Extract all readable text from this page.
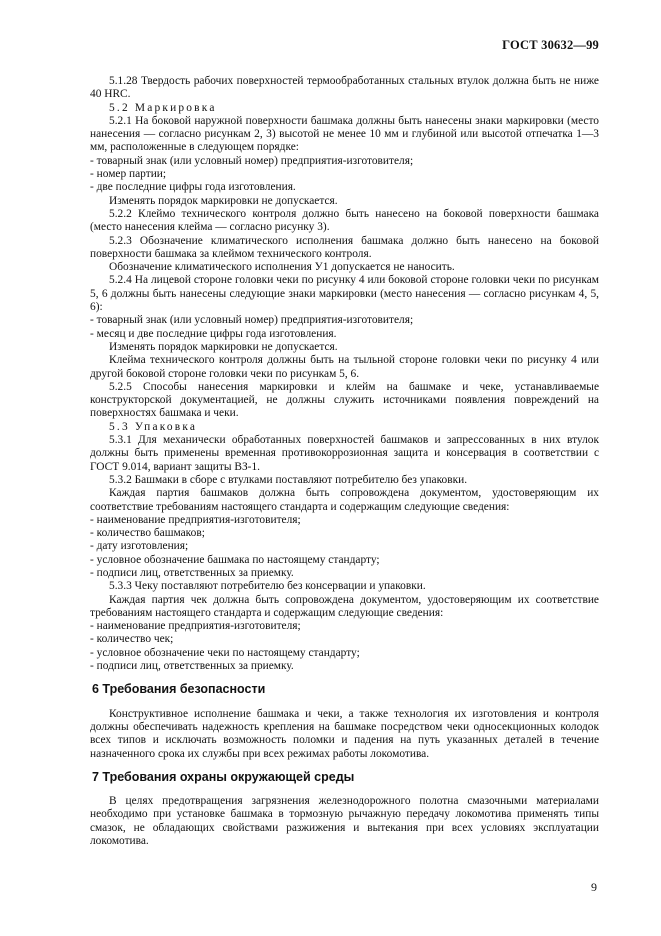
ГОСТ 30632—99
5.1.28 Твердость рабочих поверхностей термообработанных стальных втулок должна быть не ниже 40 HRC.
5.2 Маркировка
5.2.1 На боковой наружной поверхности башмака должны быть нанесены знаки маркировки (место нанесения — согласно рисункам 2, 3) высотой не менее 10 мм и глубиной или высотой отпечатка 1—3 мм, расположенные в следующем порядке:
- товарный знак (или условный номер) предприятия-изготовителя;
- номер партии;
- две последние цифры года изготовления.
Изменять порядок маркировки не допускается.
5.2.2 Клеймо технического контроля должно быть нанесено на боковой поверхности башмака (место нанесения клейма — согласно рисунку 3).
5.2.3 Обозначение климатического исполнения башмака должно быть нанесено на боковой поверхности башмака за клеймом технического контроля.
Обозначение климатического исполнения У1 допускается не наносить.
5.2.4 На лицевой стороне головки чеки по рисунку 4 или боковой стороне головки чеки по рисункам 5, 6 должны быть нанесены следующие знаки маркировки (место нанесения — согласно рисункам 4, 5, 6):
- товарный знак (или условный номер) предприятия-изготовителя;
- месяц и две последние цифры года изготовления.
Изменять порядок маркировки не допускается.
Клейма технического контроля должны быть на тыльной стороне головки чеки по рисунку 4 или другой боковой стороне головки чеки по рисункам 5, 6.
5.2.5 Способы нанесения маркировки и клейм на башмаке и чеке, устанавливаемые конструкторской документацией, не должны служить источниками появления повреждений на поверхностях башмака и чеки.
5.3 Упаковка
5.3.1 Для механически обработанных поверхностей башмаков и запрессованных в них втулок должны быть применены временная противокоррозионная защита и консервация в соответствии с ГОСТ 9.014, вариант защиты ВЗ-1.
5.3.2 Башмаки в сборе с втулками поставляют потребителю без упаковки.
Каждая партия башмаков должна быть сопровождена документом, удостоверяющим их соответствие требованиям настоящего стандарта и содержащим следующие сведения:
- наименование предприятия-изготовителя;
- количество башмаков;
- дату изготовления;
- условное обозначение башмака по настоящему стандарту;
- подписи лиц, ответственных за приемку.
5.3.3 Чеку поставляют потребителю без консервации и упаковки.
Каждая партия чек должна быть сопровождена документом, удостоверяющим их соответствие требованиям настоящего стандарта и содержащим следующие сведения:
- наименование предприятия-изготовителя;
- количество чек;
- условное обозначение чеки по настоящему стандарту;
- подписи лиц, ответственных за приемку.
6 Требования безопасности
Конструктивное исполнение башмака и чеки, а также технология их изготовления и контроля должны обеспечивать надежность крепления на башмаке посредством чеки односекционных колодок всех типов и исключать возможность поломки и падения на путь указанных деталей в течение назначенного срока их службы при всех режимах работы локомотива.
7 Требования охраны окружающей среды
В целях предотвращения загрязнения железнодорожного полотна смазочными материалами необходимо при установке башмака в тормозную рычажную передачу локомотива применять типы смазок, не обладающих свойствами разжижения и вытекания при всех условиях эксплуатации локомотива.
9
